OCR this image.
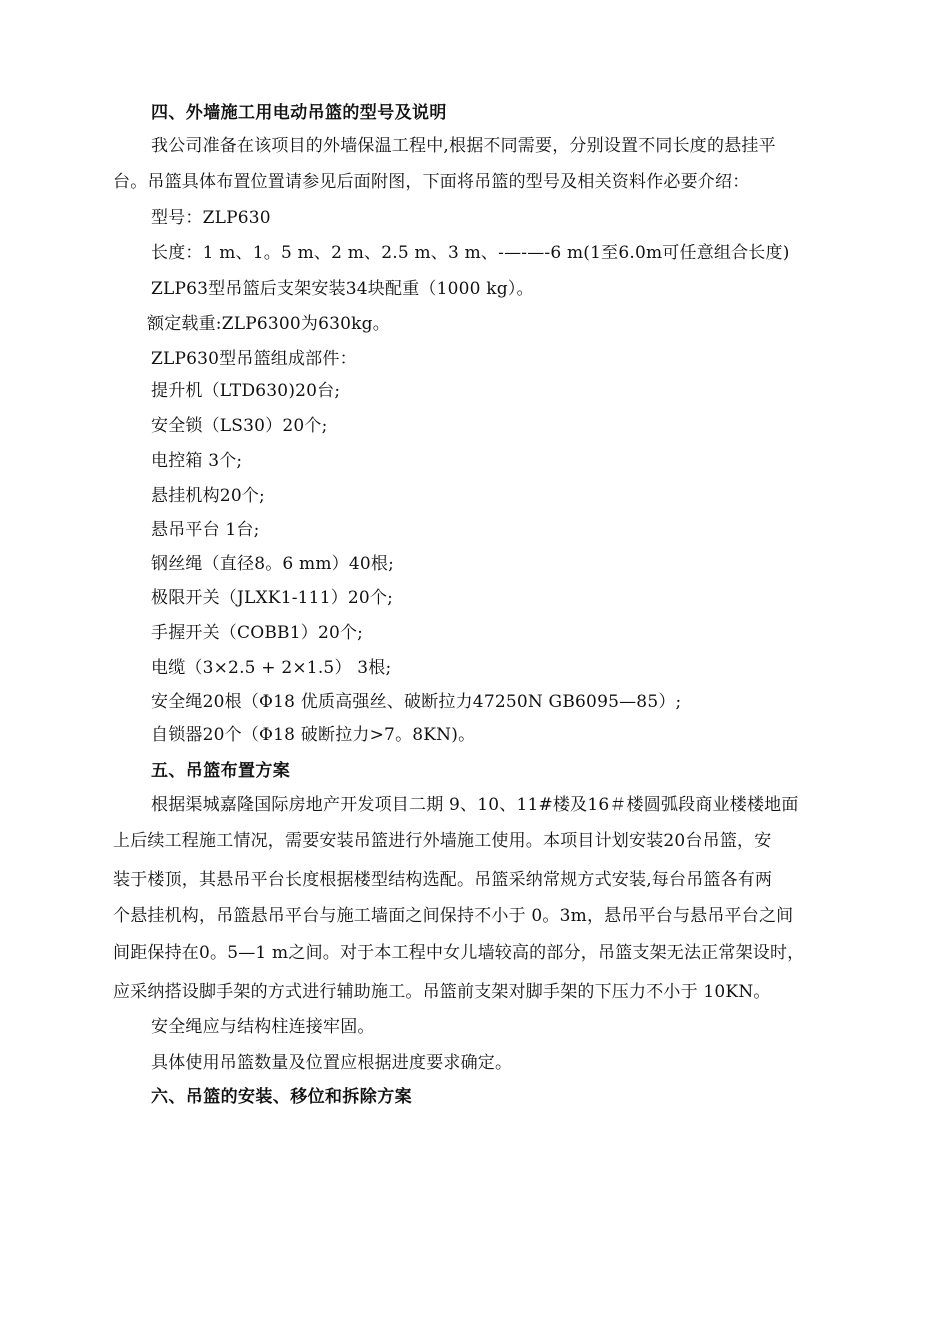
四、外墙施工用电动吊篮的型号及说明
我公司准备在该项目的外墙保温工程中,根据不同需要，分别设置不同长度的悬挂平
台。吊篮具体布置位置请参见后面附图，下面将吊篮的型号及相关资料作必要介绍：
型号：ZLP630
长度：1 m、1。5 m、2 m、2.5 m、3 m、-—-—-6 m(1至6.0m可任意组合长度)
ZLP63型吊篮后支架安装34块配重（1000 kg）。
额定载重:ZLP6300为630kg。
ZLP630型吊篮组成部件：
提升机（LTD630)20台;
安全锁（LS30）20个;
电控箱 3个;
悬挂机构20个;
悬吊平台 1台;
钢丝绳（直径8。6 mm）40根;
极限开关（JLXK1-111）20个;
手握开关（COBB1）20个;
电缆（3×2.5 + 2×1.5） 3根;
安全绳20根（Φ18 优质高强丝、破断拉力47250N GB6095—85）;
自锁器20个（Φ18 破断拉力>7。8KN)。
五、吊篮布置方案
根据渠城嘉隆国际房地产开发项目二期 9、10、11#楼及16＃楼圆弧段商业楼楼地面
上后续工程施工情况，需要安装吊篮进行外墙施工使用。本项目计划安装20台吊篮，安
装于楼顶，其悬吊平台长度根据楼型结构选配。吊篮采纳常规方式安装,每台吊篮各有两
个悬挂机构，吊篮悬吊平台与施工墙面之间保持不小于 0。3m，悬吊平台与悬吊平台之间
间距保持在0。5—1 m之间。对于本工程中女儿墙较高的部分，吊篮支架无法正常架设时，
应采纳搭设脚手架的方式进行辅助施工。吊篮前支架对脚手架的下压力不小于 10KN。
安全绳应与结构柱连接牢固。
具体使用吊篮数量及位置应根据进度要求确定。
六、吊篮的安装、移位和拆除方案
